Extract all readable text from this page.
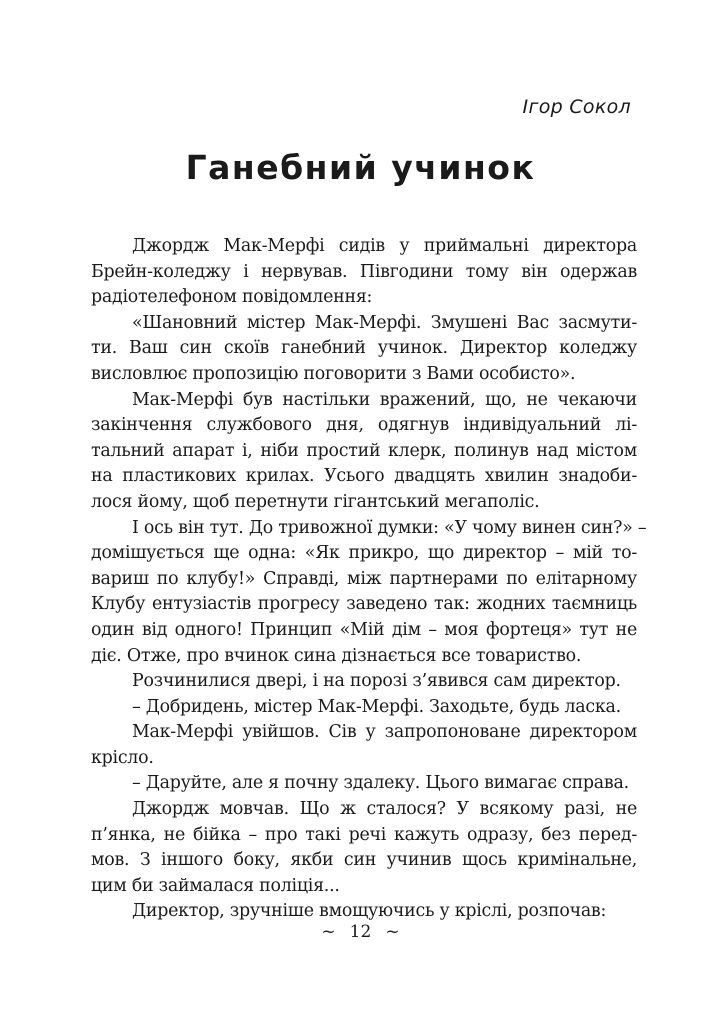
Ігор Сокол
Ганебний учинок
Джордж Мак-Мерфі сидів у приймальні директора
Брейн-коледжу і нервував. Півгодини тому він одержав
радіотелефоном повідомлення:
«Шановний містер Мак-Мерфі. Змушені Вас засмути-
ти. Ваш син скоїв ганебний учинок. Директор коледжу
висловлює пропозицію поговорити з Вами особисто».
Мак-Мерфі був настільки вражений, що, не чекаючи
закінчення службового дня, одягнув індивідуальний лі-
тальний апарат і, ніби простий клерк, полинув над містом
на пластикових крилах. Усього двадцять хвилин знадоби-
лося йому, щоб перетнути гігантський мегаполіс.
І ось він тут. До тривожної думки: «У чому винен син?» –
домішується ще одна: «Як прикро, що директор – мій то-
вариш по клубу!» Справді, між партнерами по елітарному
Клубу ентузіастів прогресу заведено так: жодних таємниць
один від одного! Принцип «Мій дім – моя фортеця» тут не
діє. Отже, про вчинок сина дізнається все товариство.
Розчинилися двері, і на порозі з’явився сам директор.
– Добридень, містер Мак-Мерфі. Заходьте, будь ласка.
Мак-Мерфі увійшов. Сів у запропоноване директором
крісло.
– Даруйте, але я почну здалеку. Цього вимагає справа.
Джордж мовчав. Що ж сталося? У всякому разі, не
п’янка, не бійка – про такі речі кажуть одразу, без перед-
мов. З іншого боку, якби син учинив щось кримінальне,
цим би займалася поліція...
Директор, зручніше вмощуючись у кріслі, розпочав:
~ 12 ~
